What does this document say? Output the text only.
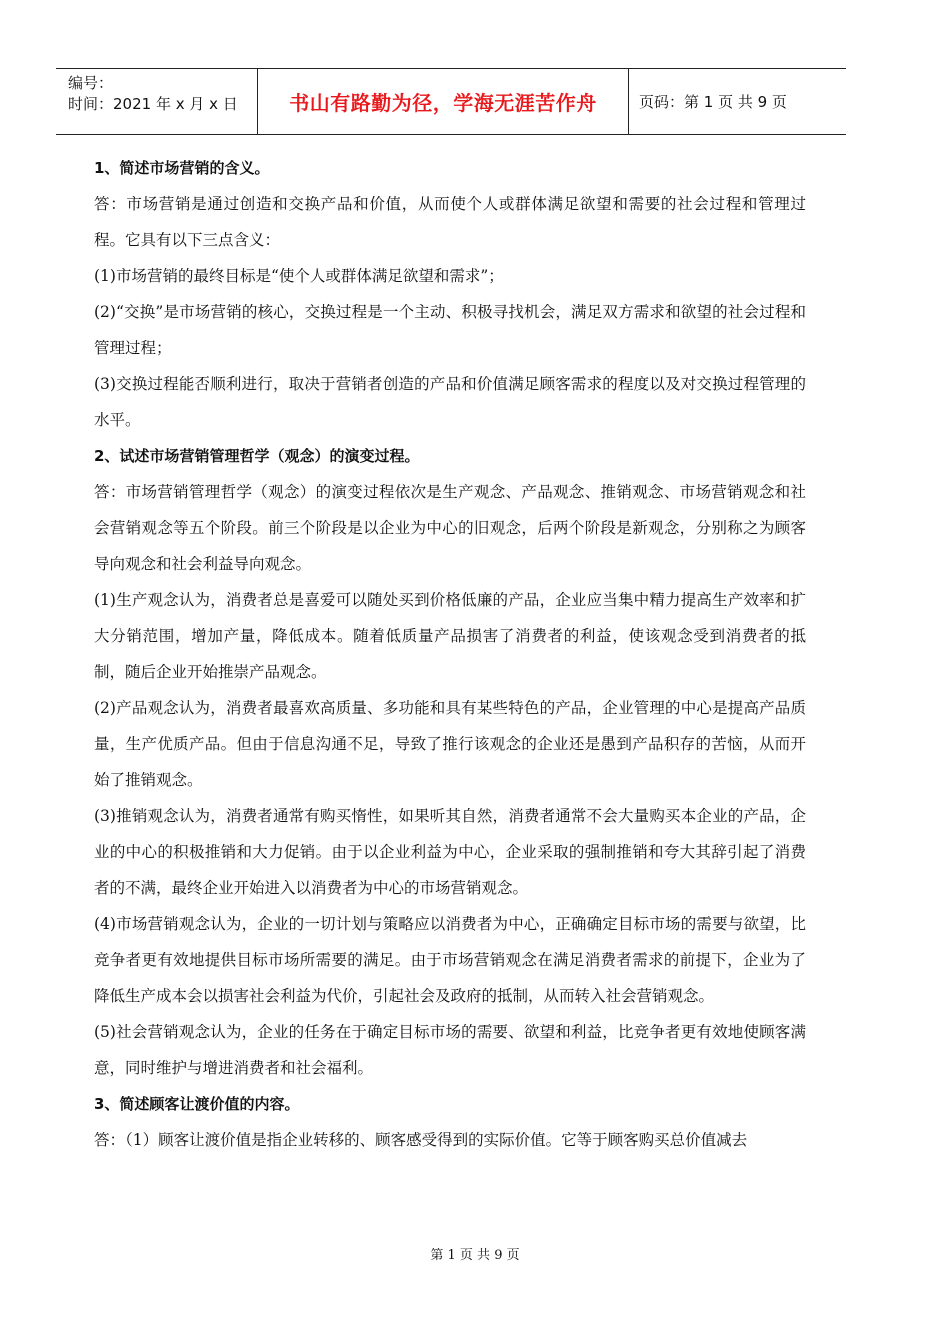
编号：
时间：2021 年 x 月 x 日	书山有路勤为径，学海无涯苦作舟	页码：第 1 页 共 9 页

1、简述市场营销的含义。

答：市场营销是通过创造和交换产品和价值，从而使个人或群体满足欲望和需要的社会过程和管理过程。它具有以下三点含义：

(1)市场营销的最终目标是“使个人或群体满足欲望和需求”；

(2)“交换”是市场营销的核心，交换过程是一个主动、积极寻找机会，满足双方需求和欲望的社会过程和管理过程；

(3)交换过程能否顺利进行，取决于营销者创造的产品和价值满足顾客需求的程度以及对交换过程管理的水平。

2、试述市场营销管理哲学（观念）的演变过程。

答：市场营销管理哲学（观念）的演变过程依次是生产观念、产品观念、推销观念、市场营销观念和社会营销观念等五个阶段。前三个阶段是以企业为中心的旧观念，后两个阶段是新观念，分别称之为顾客导向观念和社会利益导向观念。

(1)生产观念认为，消费者总是喜爱可以随处买到价格低廉的产品，企业应当集中精力提高生产效率和扩大分销范围，增加产量，降低成本。随着低质量产品损害了消费者的利益，使该观念受到消费者的抵制，随后企业开始推崇产品观念。

(2)产品观念认为，消费者最喜欢高质量、多功能和具有某些特色的产品，企业管理的中心是提高产品质量，生产优质产品。但由于信息沟通不足，导致了推行该观念的企业还是愚到产品积存的苦恼，从而开始了推销观念。

(3)推销观念认为，消费者通常有购买惰性，如果听其自然，消费者通常不会大量购买本企业的产品，企业的中心的积极推销和大力促销。由于以企业利益为中心，企业采取的强制推销和夸大其辞引起了消费者的不满，最终企业开始进入以消费者为中心的市场营销观念。

(4)市场营销观念认为，企业的一切计划与策略应以消费者为中心，正确确定目标市场的需要与欲望，比竞争者更有效地提供目标市场所需要的满足。由于市场营销观念在满足消费者需求的前提下，企业为了降低生产成本会以损害社会利益为代价，引起社会及政府的抵制，从而转入社会营销观念。

(5)社会营销观念认为，企业的任务在于确定目标市场的需要、欲望和利益，比竞争者更有效地使顾客满意，同时维护与增进消费者和社会福利。

3、简述顾客让渡价值的内容。

答：（1）顾客让渡价值是指企业转移的、顾客感受得到的实际价值。它等于顾客购买总价值减去

第 1 页 共 9 页
